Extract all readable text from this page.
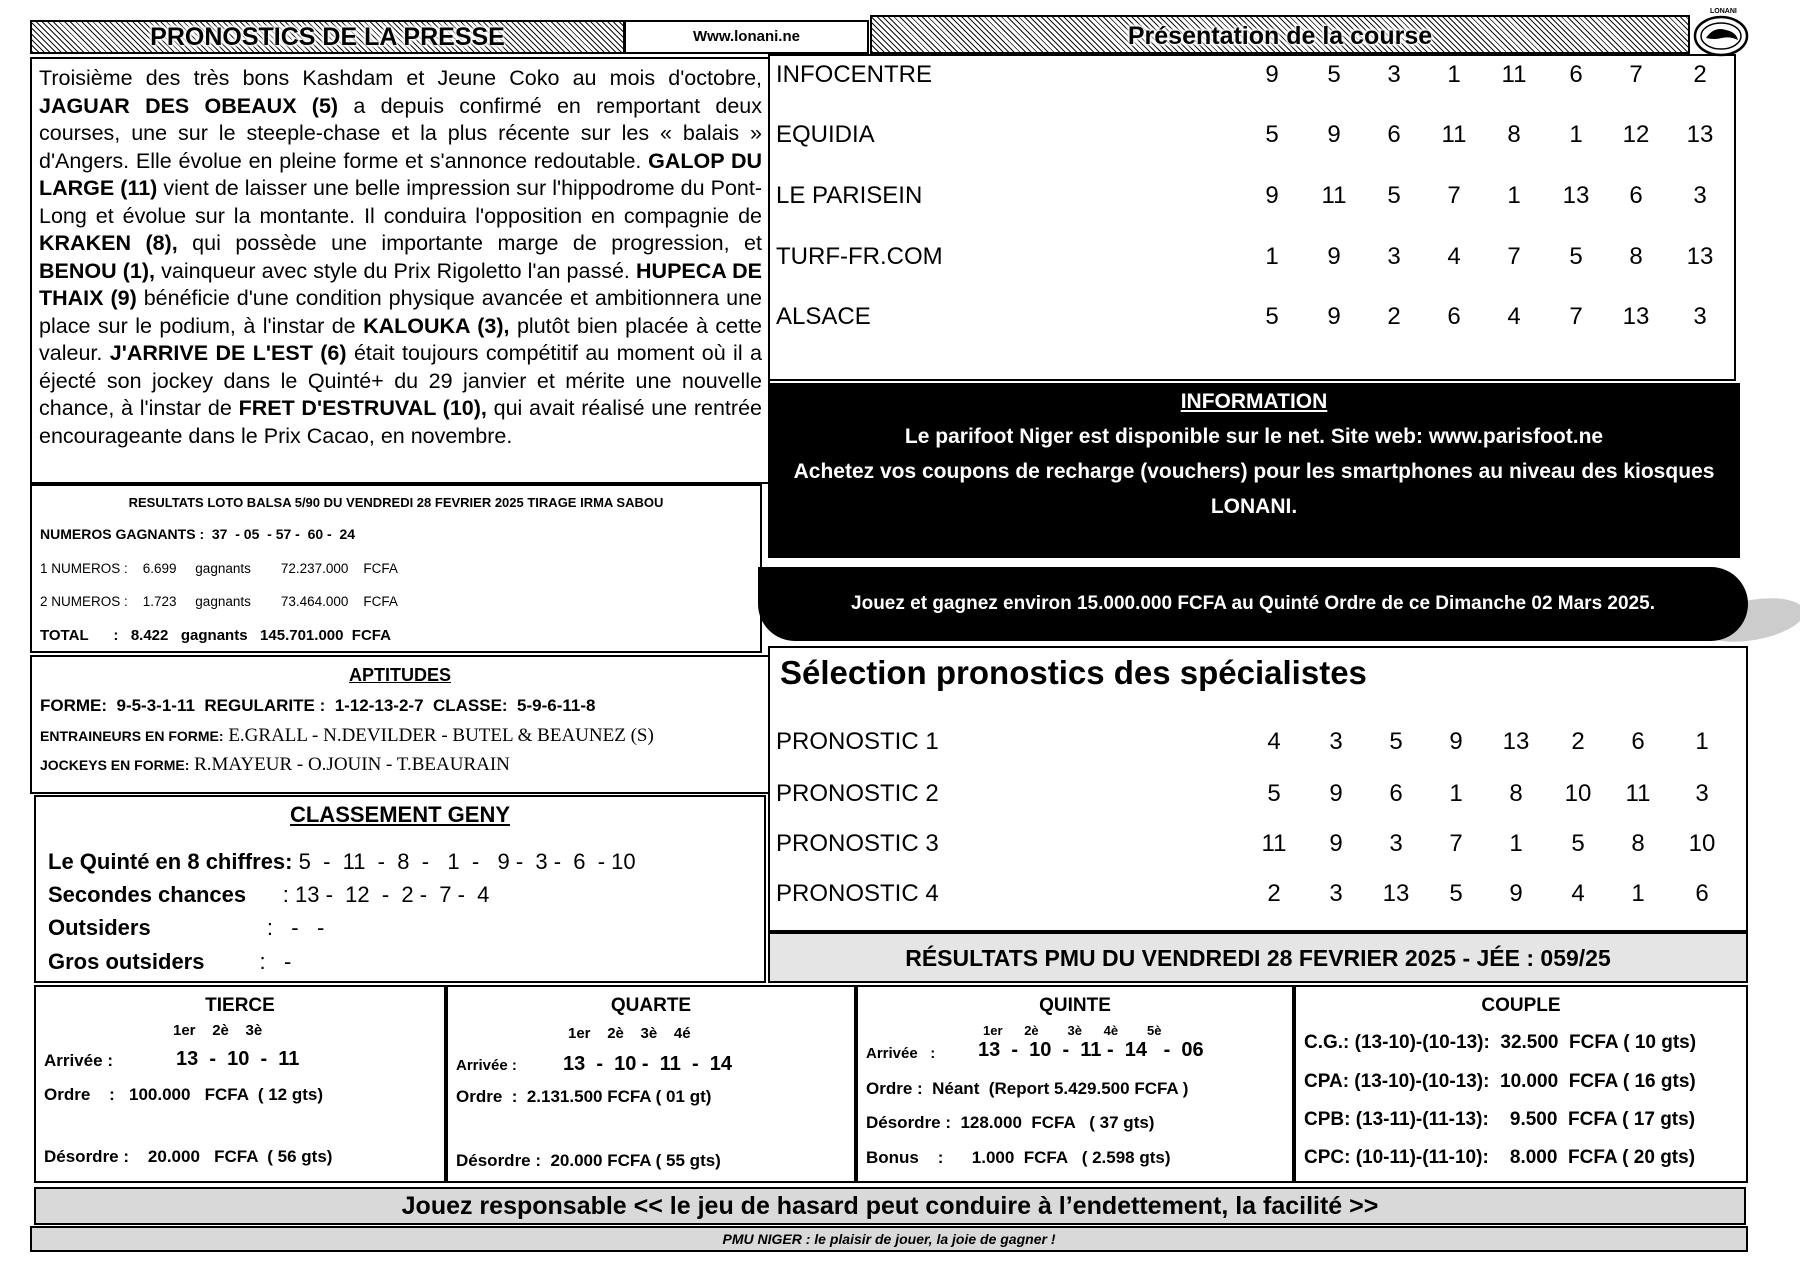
PRONOSTICS DE LA PRESSE	Www.lonani.ne	Présentation de la course
LONANI
Troisième des très bons Kashdam et Jeune Coko au mois d'octobre, JAGUAR DES OBEAUX (5) a depuis confirmé en remportant deux courses, une sur le steeple-chase et la plus récente sur les « balais » d'Angers. Elle évolue en pleine forme et s'annonce redoutable. GALOP DU LARGE (11) vient de laisser une belle impression sur l'hippodrome du Pont-Long et évolue sur la montante. Il conduira l'opposition en compagnie de KRAKEN (8), qui possède une importante marge de progression, et BENOU (1), vainqueur avec style du Prix Rigoletto l'an passé. HUPECA DE THAIX (9) bénéficie d'une condition physique avancée et ambitionnera une place sur le podium, à l'instar de KALOUKA (3), plutôt bien placée à cette valeur. J'ARRIVE DE L'EST (6) était toujours compétitif au moment où il a éjecté son jockey dans le Quinté+ du 29 janvier et mérite une nouvelle chance, à l'instar de FRET D'ESTRUVAL (10), qui avait réalisé une rentrée encourageante dans le Prix Cacao, en novembre.
INFOCENTRE	9	5	3	1	11	6	7	2
EQUIDIA	5	9	6	11	8	1	12	13
LE PARISEIN	9	11	5	7	1	13	6	3
TURF-FR.COM	1	9	3	4	7	5	8	13
ALSACE	5	9	2	6	4	7	13	3
INFORMATION
Le parifoot Niger est disponible sur le net. Site web: www.parisfoot.ne
Achetez vos coupons de recharge (vouchers) pour les smartphones au niveau des kiosques LONANI.
Jouez et gagnez environ 15.000.000 FCFA au Quinté Ordre de ce Dimanche 02 Mars 2025.
RESULTATS LOTO BALSA 5/90 DU VENDREDI 28 FEVRIER 2025 TIRAGE IRMA SABOU
NUMEROS GAGNANTS :  37  - 05  - 57 -  60 -  24
1 NUMEROS :    6.699     gagnants        72.237.000    FCFA
2 NUMEROS :    1.723     gagnants        73.464.000    FCFA
TOTAL      :   8.422   gagnants   145.701.000  FCFA
APTITUDES
FORME:  9-5-3-1-11  REGULARITE :  1-12-13-2-7  CLASSE:  5-9-6-11-8
ENTRAINEURS EN FORME: E.GRALL - N.DEVILDER - BUTEL & BEAUNEZ (S)
JOCKEYS EN FORME: R.MAYEUR - O.JOUIN - T.BEAURAIN
CLASSEMENT GENY
Le Quinté en 8 chiffres: 5  -  11  -  8  -   1  -   9 -  3 -  6  - 10
Secondes chances      : 13 -  12  -  2 -  7 -  4
Outsiders                   :   -   -
Gros outsiders         :   -
Sélection pronostics des spécialistes
PRONOSTIC 1	4	3	5	9	13	2	6	1
PRONOSTIC 2	5	9	6	1	8	10	11	3
PRONOSTIC 3	11	9	3	7	1	5	8	10
PRONOSTIC 4	2	3	13	5	9	4	1	6
RÉSULTATS PMU DU VENDREDI 28 FEVRIER 2025 - JÉE : 059/25
TIERCE
1er    2è    3è
Arrivée :	13  -  10  -  11
Ordre    :   100.000   FCFA  ( 12 gts)
Désordre :    20.000   FCFA  ( 56 gts)
QUARTE
1er    2è    3è    4é
Arrivée : 13  -  10 -  11  -  14
Ordre  :  2.131.500 FCFA ( 01 gt)
Désordre :  20.000 FCFA ( 55 gts)
QUINTE
1er      2è        3è      4è        5è
Arrivée   : 13  -  10  -  11 -  14   -  06
Ordre :  Néant  (Report 5.429.500 FCFA )
Désordre :  128.000  FCFA   ( 37 gts)
Bonus    :      1.000  FCFA   ( 2.598 gts)
COUPLE
C.G.: (13-10)-(10-13):  32.500  FCFA ( 10 gts)
CPA: (13-10)-(10-13):  10.000  FCFA ( 16 gts)
CPB: (13-11)-(11-13):    9.500  FCFA ( 17 gts)
CPC: (10-11)-(11-10):    8.000  FCFA ( 20 gts)
Jouez responsable << le jeu de hasard peut conduire à l’endettement, la facilité >>
PMU NIGER : le plaisir de jouer, la joie de gagner !
